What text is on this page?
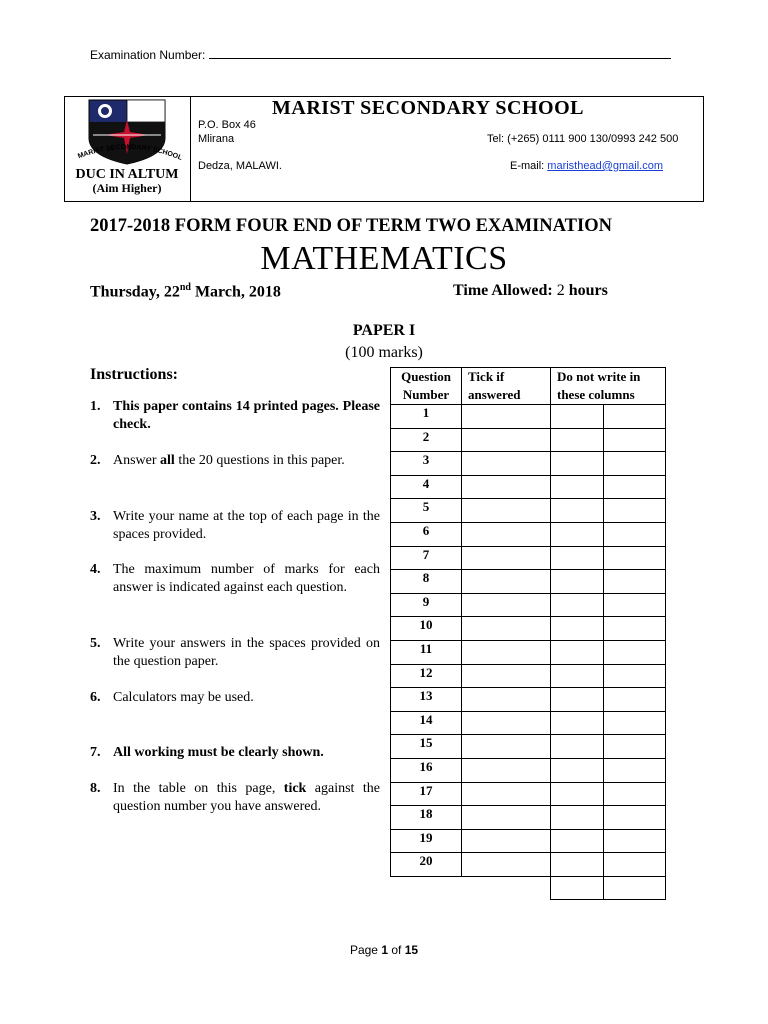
Examination Number:
MARIST SECONDARY SCHOOL
DUC IN ALTUM
(Aim Higher)
MARIST SECONDARY SCHOOL
P.O. Box 46
Mlirana
Dedza, MALAWI.
Tel: (+265) 0111 900 130/0993 242 500
E-mail: maristhead@gmail.com
2017-2018 FORM FOUR END OF TERM TWO EXAMINATION
MATHEMATICS
Thursday, 22nd March, 2018	Time Allowed: 2 hours
PAPER I
(100 marks)
Instructions:
1. This paper contains 14 printed pages. Please check.
2. Answer all the 20 questions in this paper.
3. Write your name at the top of each page in the spaces provided.
4. The maximum number of marks for each answer is indicated against each question.
5. Write your answers in the spaces provided on the question paper.
6. Calculators may be used.
7. All working must be clearly shown.
8. In the table on this page, tick against the question number you have answered.
Question Number	Tick if answered	Do not write in these columns	
1			
2			
3			
4			
5			
6			
7			
8			
9			
10			
11			
12			
13			
14			
15			
16			
17			
18			
19			
20			

Page 1 of 15
